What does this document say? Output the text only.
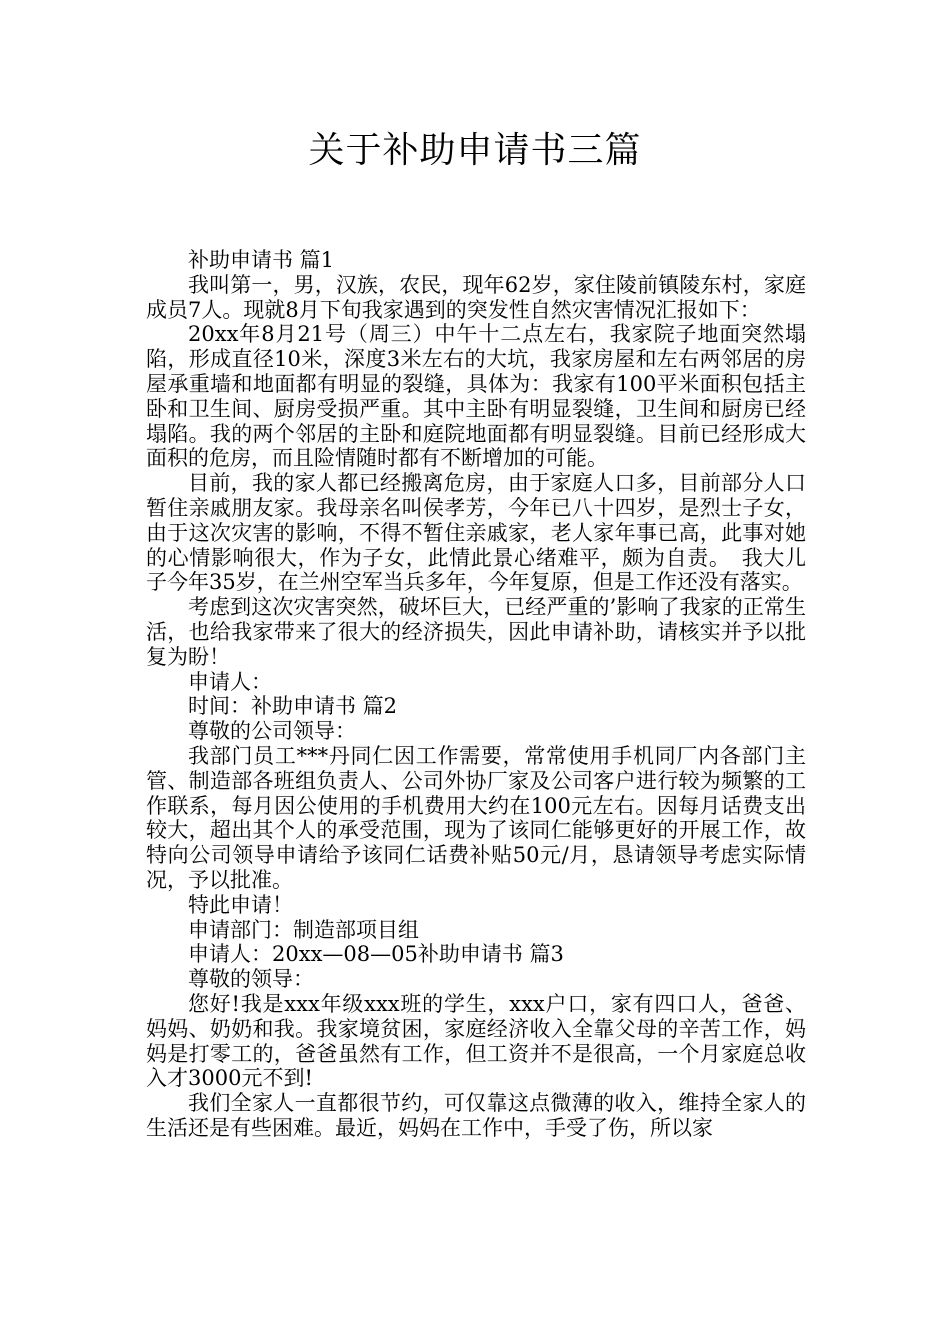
关于补助申请书三篇

补助申请书 篇1

我叫第一，男，汉族，农民，现年62岁，家住陵前镇陵东村，家庭成员7人。现就8月下旬我家遇到的突发性自然灾害情况汇报如下：

20xx年8月21号（周三）中午十二点左右，我家院子地面突然塌陷，形成直径10米，深度3米左右的大坑，我家房屋和左右两邻居的房屋承重墙和地面都有明显的裂缝，具体为：我家有100平米面积包括主卧和卫生间、厨房受损严重。其中主卧有明显裂缝，卫生间和厨房已经塌陷。我的两个邻居的主卧和庭院地面都有明显裂缝。目前已经形成大面积的危房，而且险情随时都有不断增加的可能。

目前，我的家人都已经搬离危房，由于家庭人口多，目前部分人口暂住亲戚朋友家。我母亲名叫侯孝芳，今年已八十四岁，是烈士子女，由于这次灾害的影响，不得不暂住亲戚家，老人家年事已高，此事对她的心情影响很大，作为子女，此情此景心绪难平，颇为自责。　我大儿子今年35岁，在兰州空军当兵多年，今年复原，但是工作还没有落实。

考虑到这次灾害突然，破坏巨大，已经严重的’影响了我家的正常生活，也给我家带来了很大的经济损失，因此申请补助，请核实并予以批复为盼！

申请人：

时间：补助申请书 篇2

尊敬的公司领导：

我部门员工***丹同仁因工作需要，常常使用手机同厂内各部门主管、制造部各班组负责人、公司外协厂家及公司客户进行较为频繁的工作联系，每月因公使用的手机费用大约在100元左右。因每月话费支出较大，超出其个人的承受范围，现为了该同仁能够更好的开展工作，故特向公司领导申请给予该同仁话费补贴50元/月，恳请领导考虑实际情况，予以批准。

特此申请！

申请部门：制造部项目组

申请人：20xx—08—05补助申请书 篇3

尊敬的领导：

您好!我是xxx年级xxx班的学生，xxx户口，家有四口人，爸爸、妈妈、奶奶和我。我家境贫困，家庭经济收入全靠父母的辛苦工作，妈妈是打零工的，爸爸虽然有工作，但工资并不是很高，一个月家庭总收入才3000元不到!

我们全家人一直都很节约，可仅靠这点微薄的收入，维持全家人的生活还是有些困难。最近，妈妈在工作中，手受了伤，所以家
